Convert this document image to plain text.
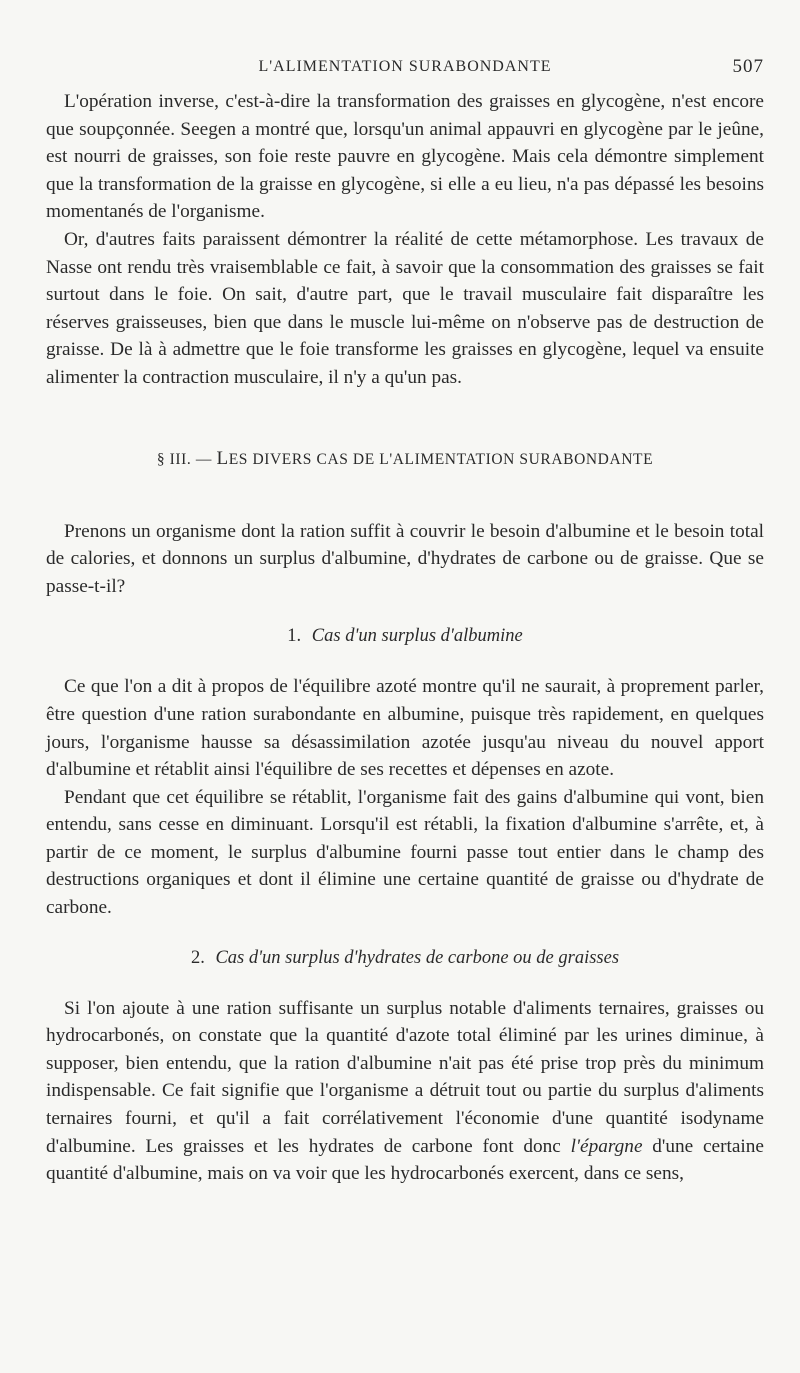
L'ALIMENTATION SURABONDANTE	507

L'opération inverse, c'est-à-dire la transformation des graisses en glycogène, n'est encore que soupçonnée. Seegen a montré que, lorsqu'un animal appauvri en glycogène par le jeûne, est nourri de graisses, son foie reste pauvre en glycogène. Mais cela démontre simplement que la transformation de la graisse en glycogène, si elle a eu lieu, n'a pas dépassé les besoins momentanés de l'organisme.

Or, d'autres faits paraissent démontrer la réalité de cette métamorphose. Les travaux de Nasse ont rendu très vraisemblable ce fait, à savoir que la consommation des graisses se fait surtout dans le foie. On sait, d'autre part, que le travail musculaire fait disparaître les réserves graisseuses, bien que dans le muscle lui-même on n'observe pas de destruction de graisse. De là à admettre que le foie transforme les graisses en glycogène, lequel va ensuite alimenter la contraction musculaire, il n'y a qu'un pas.

§ III. — LES DIVERS CAS DE L'ALIMENTATION SURABONDANTE

Prenons un organisme dont la ration suffit à couvrir le besoin d'albumine et le besoin total de calories, et donnons un surplus d'albumine, d'hydrates de carbone ou de graisse. Que se passe-t-il?

1. Cas d'un surplus d'albumine

Ce que l'on a dit à propos de l'équilibre azoté montre qu'il ne saurait, à proprement parler, être question d'une ration surabondante en albumine, puisque très rapidement, en quelques jours, l'organisme hausse sa désassimilation azotée jusqu'au niveau du nouvel apport d'albumine et rétablit ainsi l'équilibre de ses recettes et dépenses en azote.

Pendant que cet équilibre se rétablit, l'organisme fait des gains d'albumine qui vont, bien entendu, sans cesse en diminuant. Lorsqu'il est rétabli, la fixation d'albumine s'arrête, et, à partir de ce moment, le surplus d'albumine fourni passe tout entier dans le champ des destructions organiques et dont il élimine une certaine quantité de graisse ou d'hydrate de carbone.

2. Cas d'un surplus d'hydrates de carbone ou de graisses

Si l'on ajoute à une ration suffisante un surplus notable d'aliments ternaires, graisses ou hydrocarbonés, on constate que la quantité d'azote total éliminé par les urines diminue, à supposer, bien entendu, que la ration d'albumine n'ait pas été prise trop près du minimum indispensable. Ce fait signifie que l'organisme a détruit tout ou partie du surplus d'aliments ternaires fourni, et qu'il a fait corrélativement l'économie d'une quantité isodyname d'albumine. Les graisses et les hydrates de carbone font donc l'épargne d'une certaine quantité d'albumine, mais on va voir que les hydrocarbonés exercent, dans ce sens,
